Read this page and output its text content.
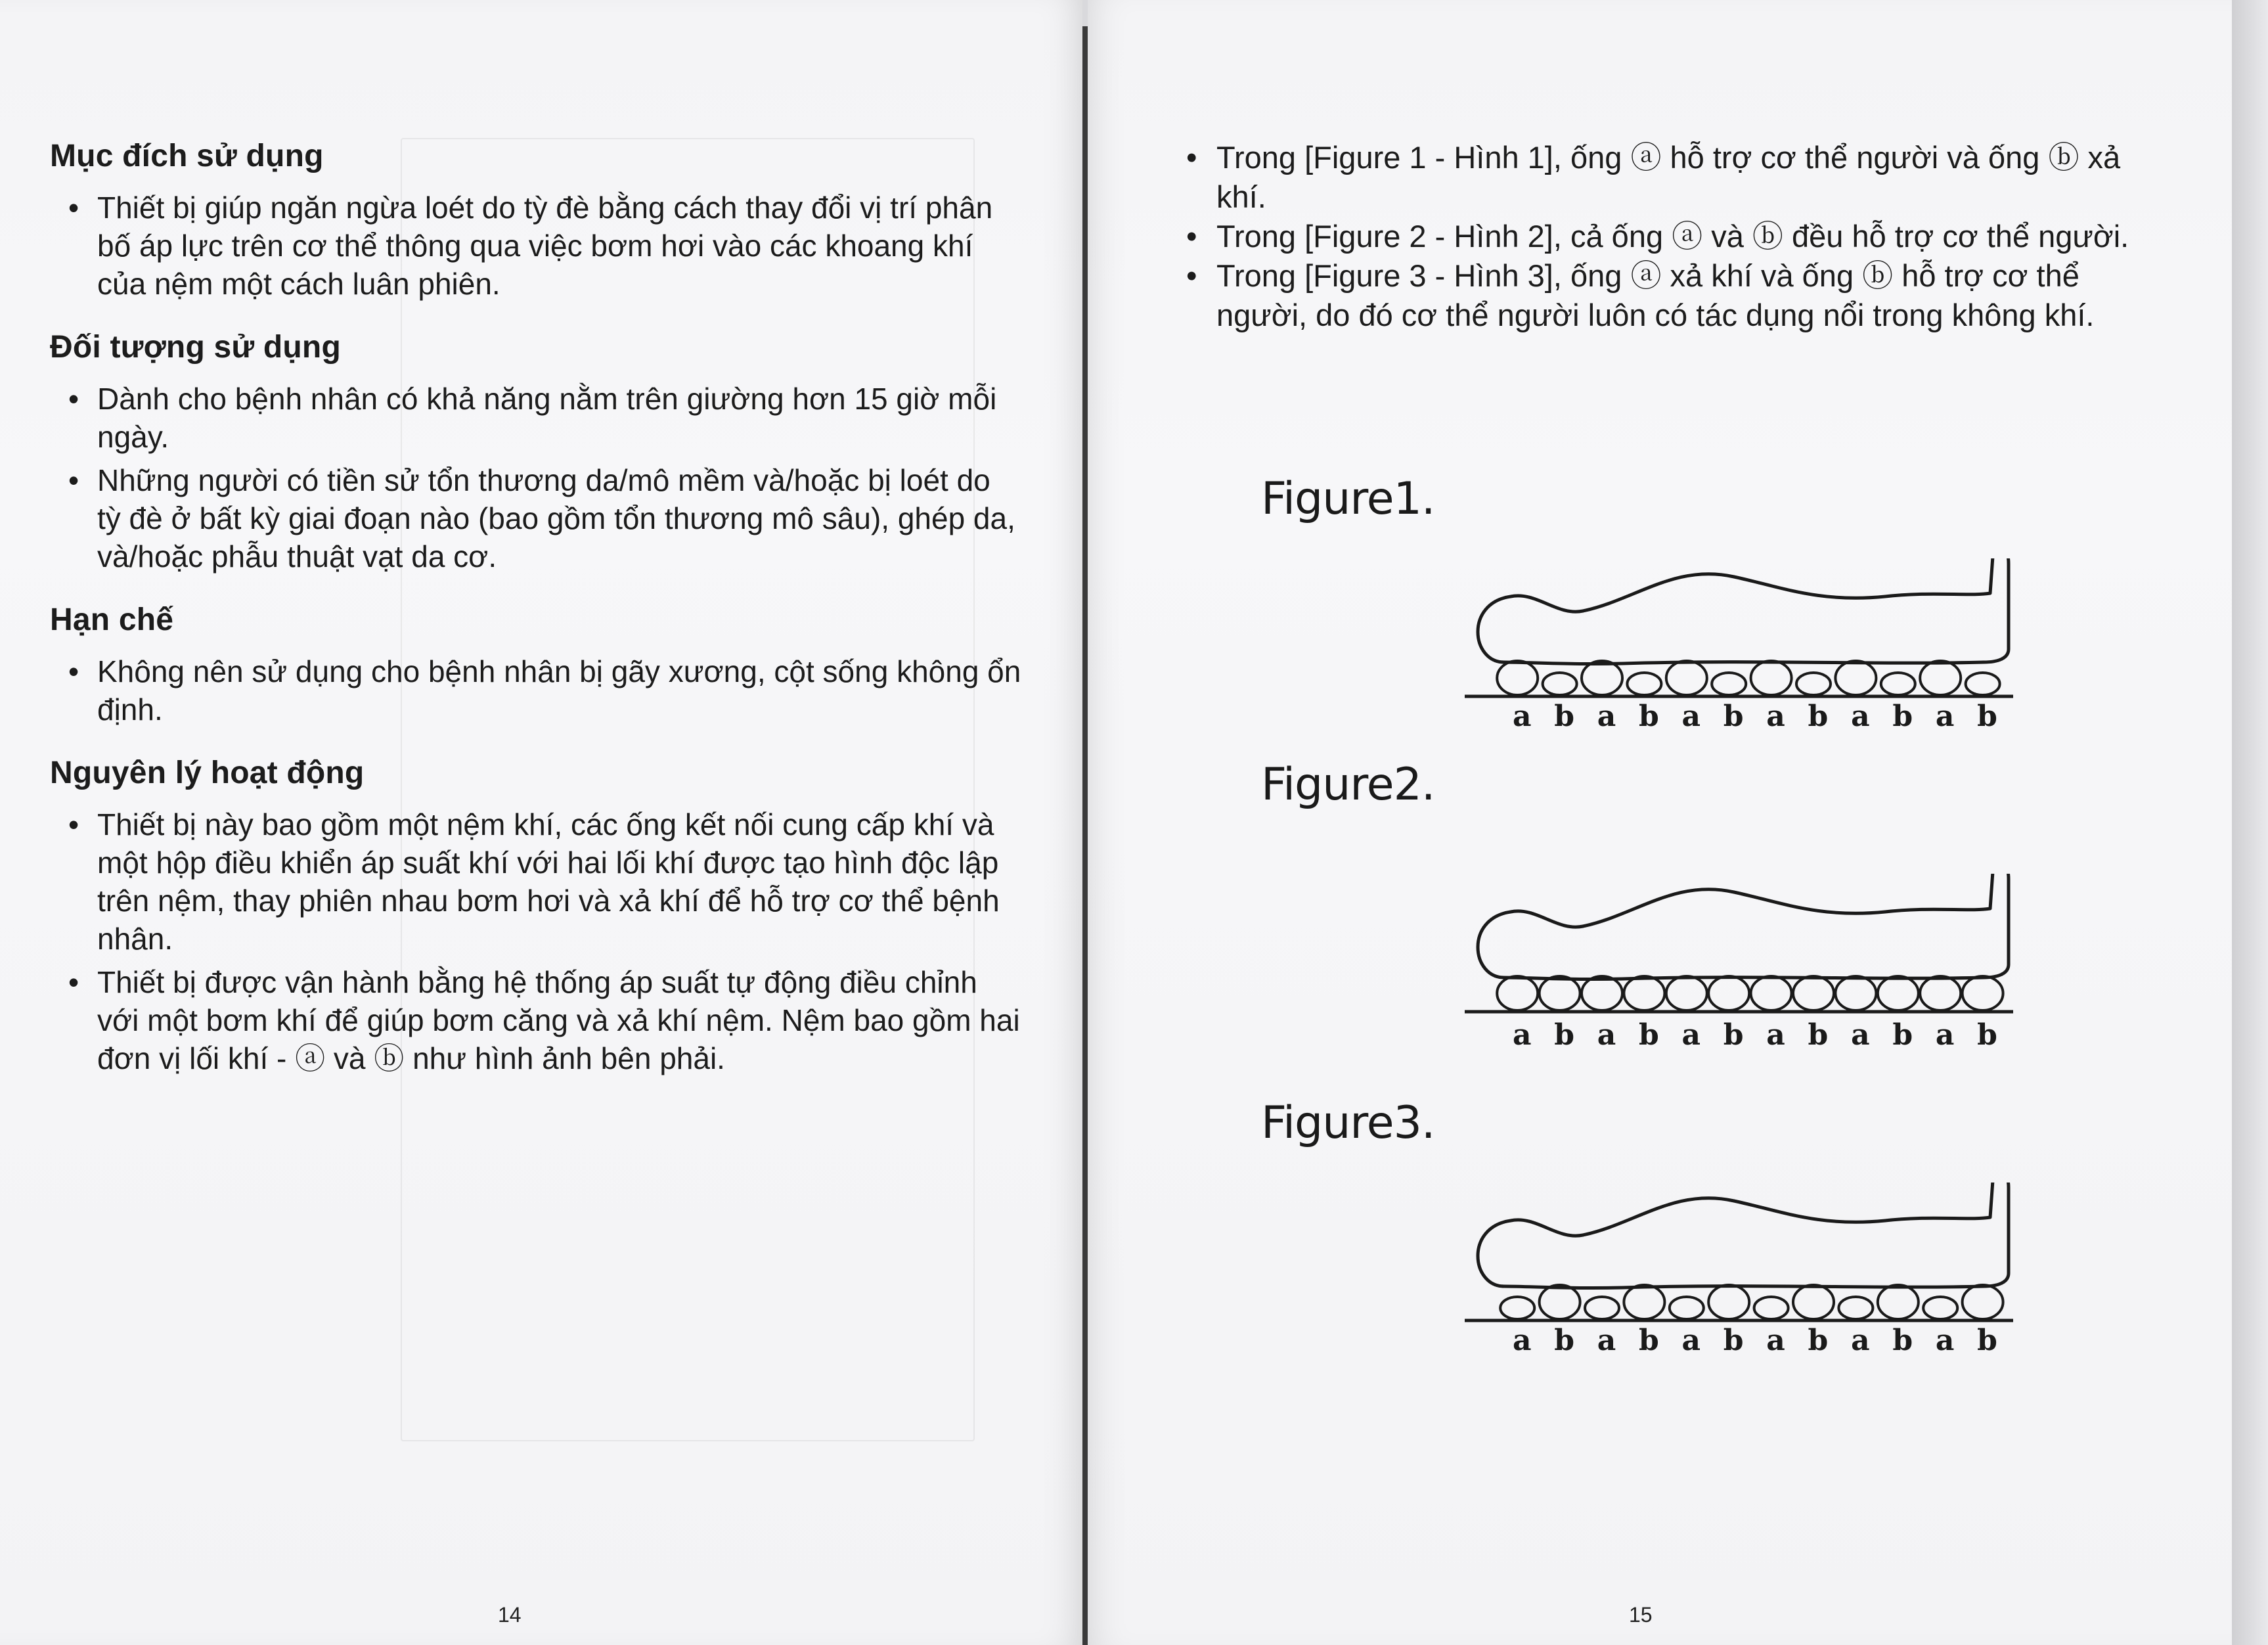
Mục đích sử dụng
• Thiết bị giúp ngăn ngừa loét do tỳ đè bằng cách thay đổi vị trí phân bố áp lực trên cơ thể thông qua việc bơm hơi vào các khoang khí của nệm một cách luân phiên.
Đối tượng sử dụng
• Dành cho bệnh nhân có khả năng nằm trên giường hơn 15 giờ mỗi ngày.
• Những người có tiền sử tổn thương da/mô mềm và/hoặc bị loét do tỳ đè ở bất kỳ giai đoạn nào (bao gồm tổn thương mô sâu), ghép da, và/hoặc phẫu thuật vạt da cơ.
Hạn chế
• Không nên sử dụng cho bệnh nhân bị gãy xương, cột sống không ổn định.
Nguyên lý hoạt động
• Thiết bị này bao gồm một nệm khí, các ống kết nối cung cấp khí và một hộp điều khiển áp suất khí với hai lối khí được tạo hình độc lập trên nệm, thay phiên nhau bơm hơi và xả khí để hỗ trợ cơ thể bệnh nhân.
• Thiết bị được vận hành bằng hệ thống áp suất tự động điều chỉnh với một bơm khí để giúp bơm căng và xả khí nệm. Nệm bao gồm hai đơn vị lối khí - ⓐ và ⓑ như hình ảnh bên phải.
14	15
• Trong [Figure 1 - Hình 1], ống ⓐ hỗ trợ cơ thể người và ống ⓑ xả khí.
• Trong [Figure 2 - Hình 2], cả ống ⓐ và ⓑ đều hỗ trợ cơ thể người.
• Trong [Figure 3 - Hình 3], ống ⓐ xả khí và ống ⓑ hỗ trợ cơ thể người, do đó cơ thể người luôn có tác dụng nổi trong không khí.
Figure1.
a b a b a b a b a b a b
Figure2.
a b a b a b a b a b a b
Figure3.
a b a b a b a b a b a b
